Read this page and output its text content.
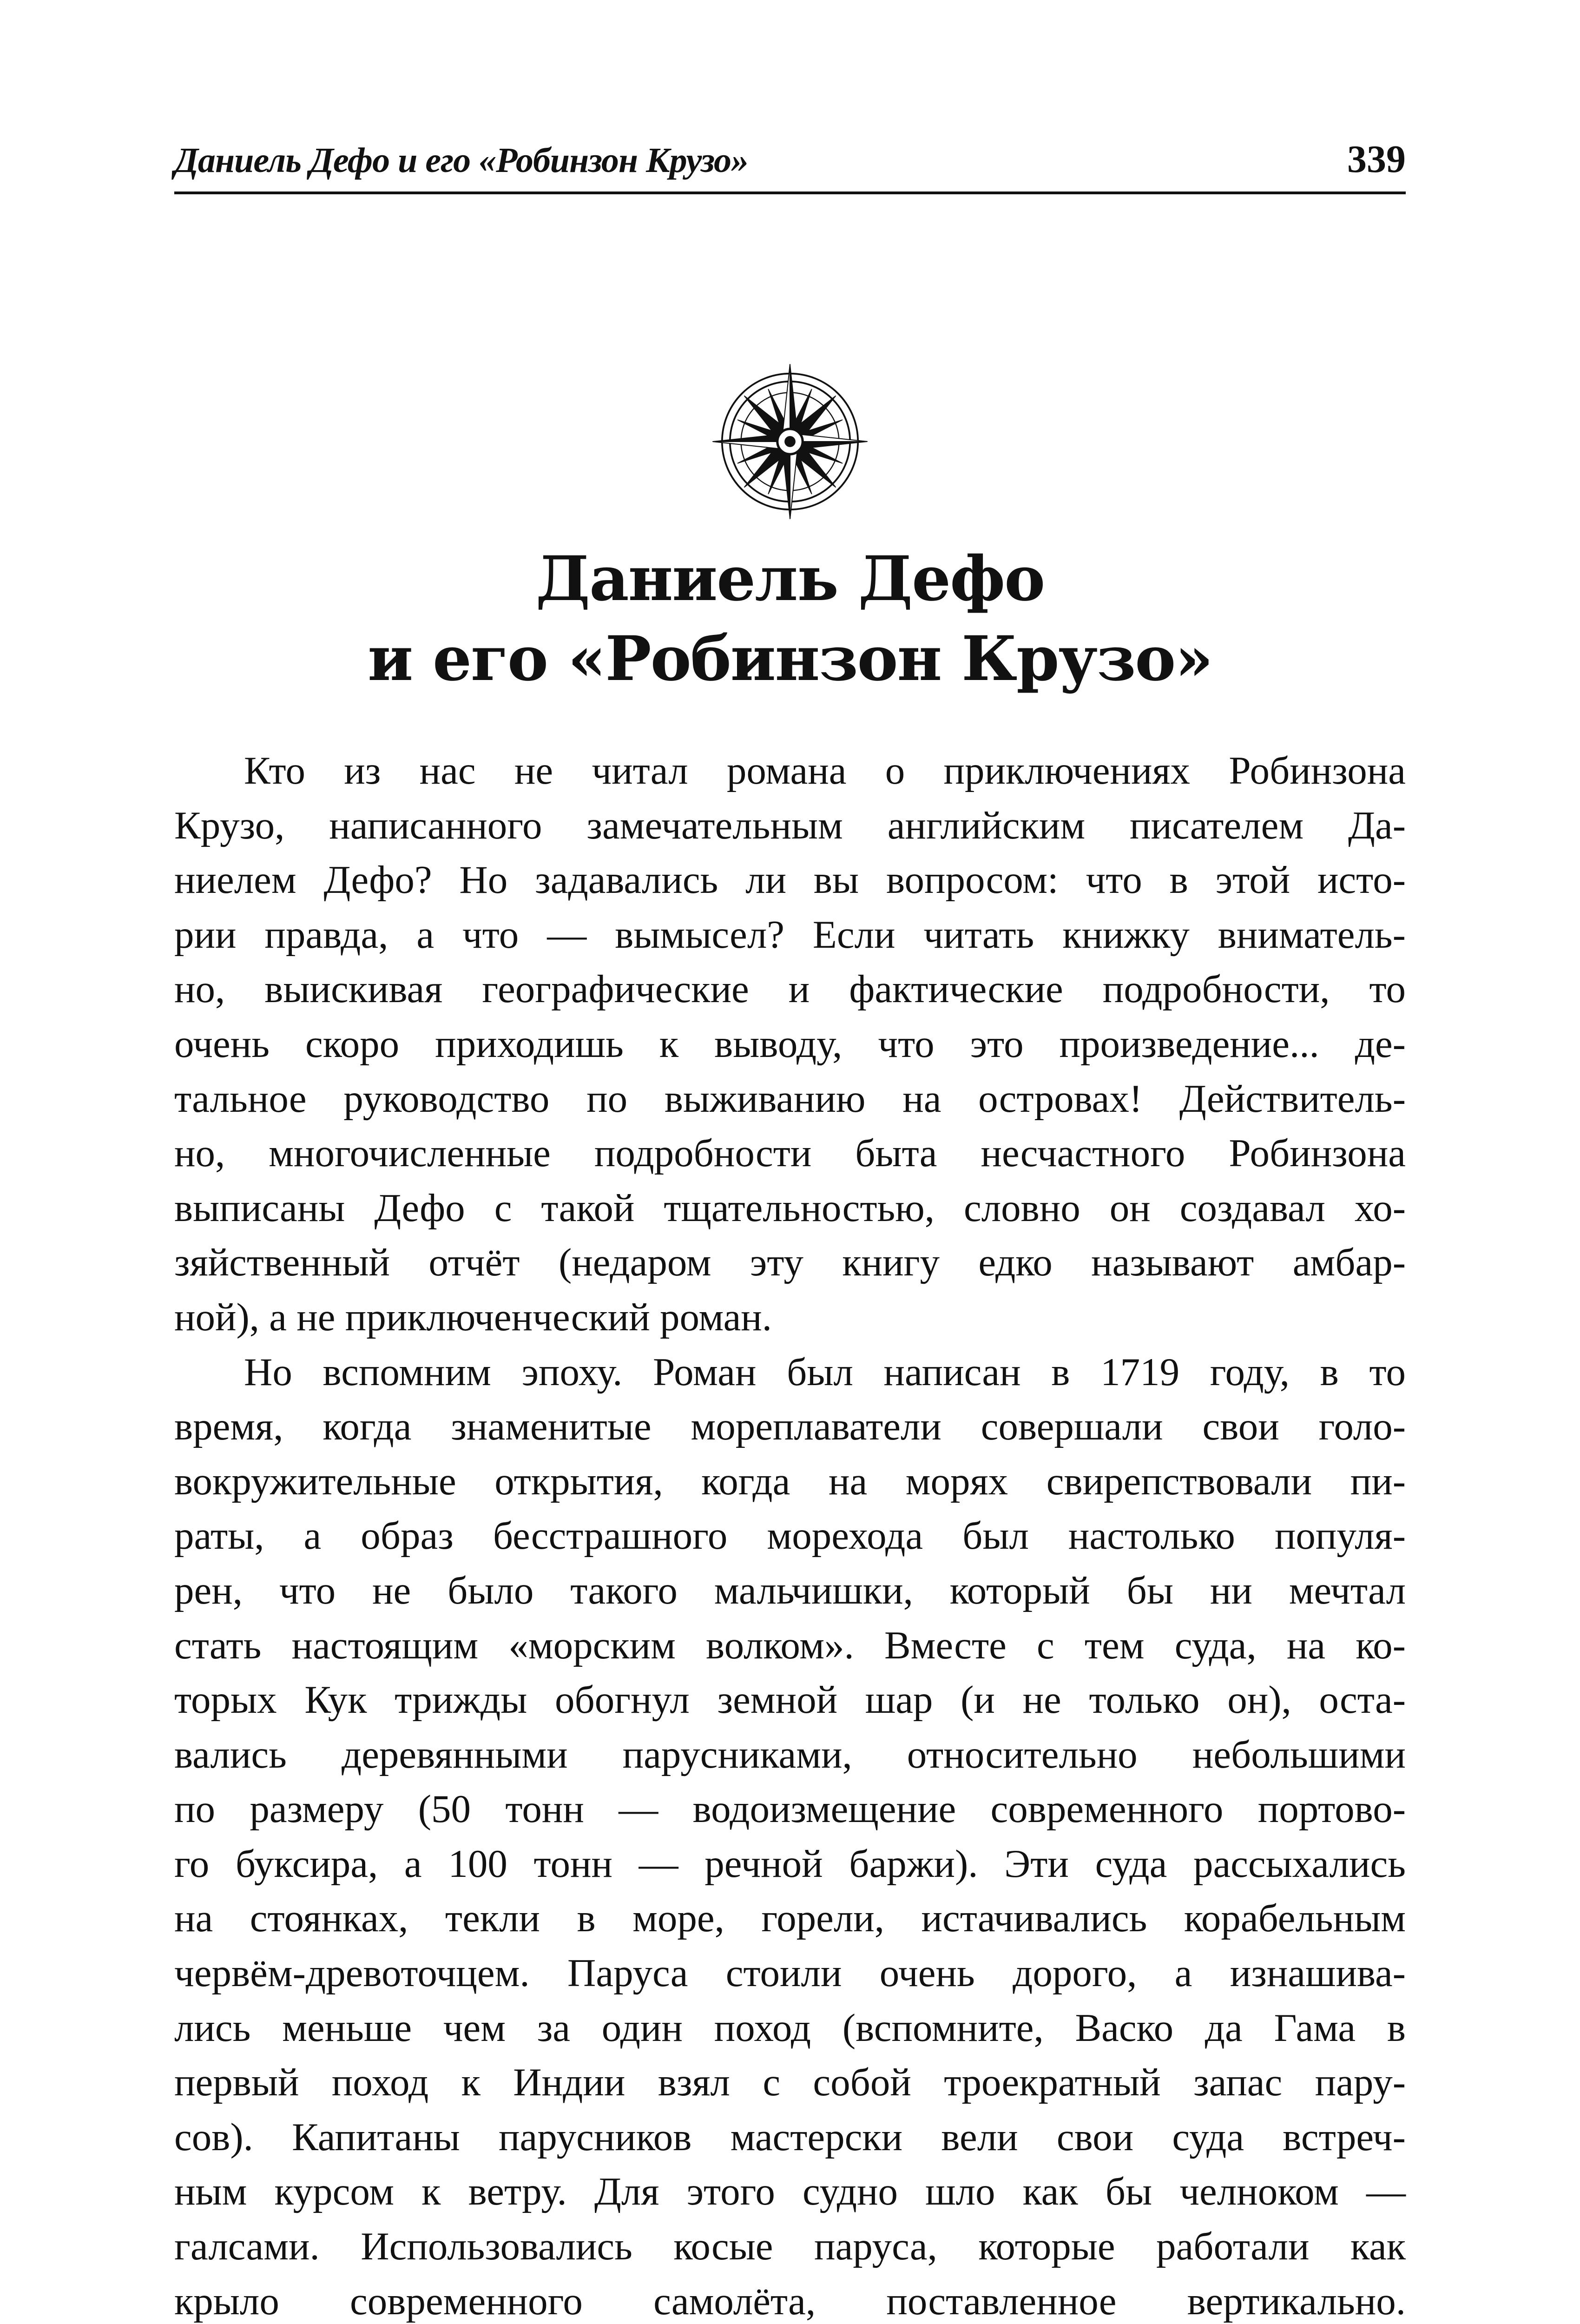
Даниель Дефо и его «Робинзон Крузо»	339
Даниель Дефо
и его «Робинзон Крузо»
Кто из нас не читал романа о приключениях Робинзона
Крузо, написанного замечательным английским писателем Да-
ниелем Дефо? Но задавались ли вы вопросом: что в этой исто-
рии правда, а что — вымысел? Если читать книжку вниматель-
но, выискивая географические и фактические подробности, то
очень скоро приходишь к выводу, что это произведение... де-
тальное руководство по выживанию на островах! Действитель-
но, многочисленные подробности быта несчастного Робинзона
выписаны Дефо с такой тщательностью, словно он создавал хо-
зяйственный отчёт (недаром эту книгу едко называют амбар-
ной), а не приключенческий роман.
Но вспомним эпоху. Роман был написан в 1719 году, в то
время, когда знаменитые мореплаватели совершали свои голо-
вокружительные открытия, когда на морях свирепствовали пи-
раты, а образ бесстрашного морехода был настолько популя-
рен, что не было такого мальчишки, который бы ни мечтал
стать настоящим «морским волком». Вместе с тем суда, на ко-
торых Кук трижды обогнул земной шар (и не только он), оста-
вались деревянными парусниками, относительно небольшими
по размеру (50 тонн — водоизмещение современного портово-
го буксира, а 100 тонн — речной баржи). Эти суда рассыхались
на стоянках, текли в море, горели, истачивались корабельным
червём-древоточцем. Паруса стоили очень дорого, а изнашива-
лись меньше чем за один поход (вспомните, Васко да Гама в
первый поход к Индии взял с собой троекратный запас пару-
сов). Капитаны парусников мастерски вели свои суда встреч-
ным курсом к ветру. Для этого судно шло как бы челноком —
галсами. Использовались косые паруса, которые работали как
крыло современного самолёта, поставленное вертикально.
